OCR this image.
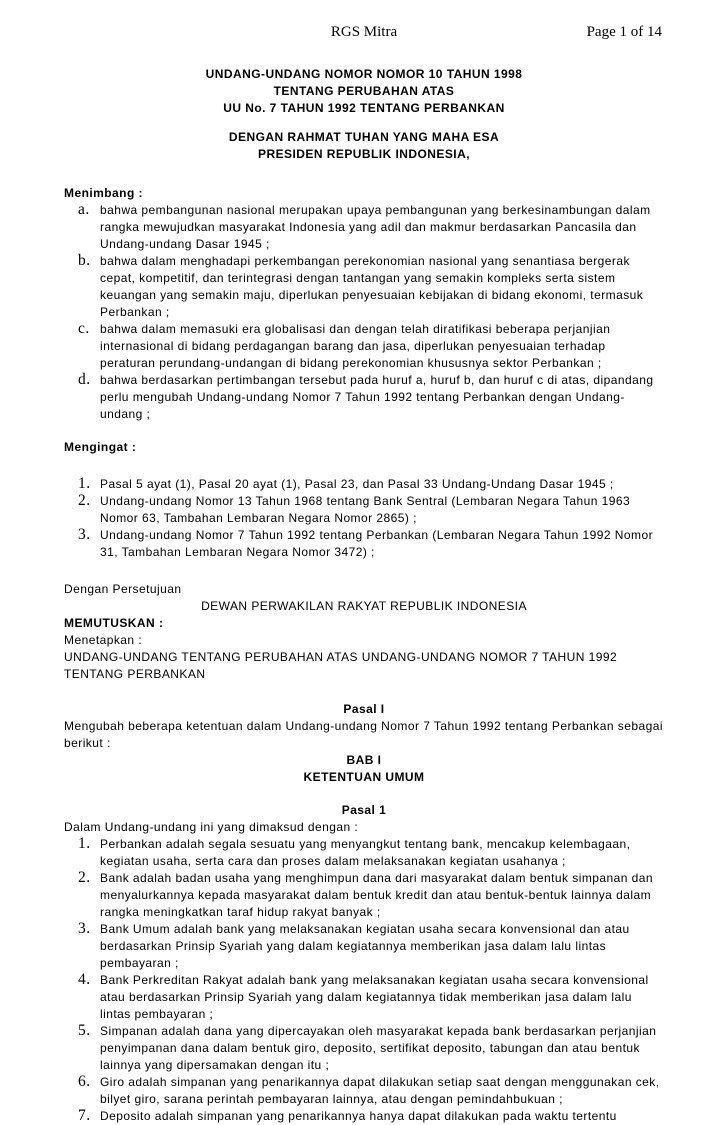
RGS Mitra	Page 1 of 14

UNDANG-UNDANG NOMOR NOMOR 10 TAHUN 1998

TENTANG PERUBAHAN ATAS

UU No. 7 TAHUN 1992 TENTANG PERBANKAN

DENGAN RAHMAT TUHAN YANG MAHA ESA

PRESIDEN REPUBLIK INDONESIA,

Menimbang :

a. bahwa pembangunan nasional merupakan upaya pembangunan yang berkesinambungan dalam rangka mewujudkan masyarakat Indonesia yang adil dan makmur berdasarkan Pancasila dan Undang-undang Dasar 1945 ;
b. bahwa dalam menghadapi perkembangan perekonomian nasional yang senantiasa bergerak cepat, kompetitif, dan terintegrasi dengan tantangan yang semakin kompleks serta sistem keuangan yang semakin maju, diperlukan penyesuaian kebijakan di bidang ekonomi, termasuk Perbankan ;
c. bahwa dalam memasuki era globalisasi dan dengan telah diratifikasi beberapa perjanjian internasional di bidang perdagangan barang dan jasa, diperlukan penyesuaian terhadap peraturan perundang-undangan di bidang perekonomian khususnya sektor Perbankan ;
d. bahwa berdasarkan pertimbangan tersebut pada huruf a, huruf b, dan huruf c di atas, dipandang perlu mengubah Undang-undang Nomor 7 Tahun 1992 tentang Perbankan dengan Undang-undang ;

Mengingat :

1. Pasal 5 ayat (1), Pasal 20 ayat (1), Pasal 23, dan Pasal 33 Undang-Undang Dasar 1945 ;
2. Undang-undang Nomor 13 Tahun 1968 tentang Bank Sentral (Lembaran Negara Tahun 1963 Nomor 63, Tambahan Lembaran Negara Nomor 2865) ;
3. Undang-undang Nomor 7 Tahun 1992 tentang Perbankan (Lembaran Negara Tahun 1992 Nomor 31, Tambahan Lembaran Negara Nomor 3472) ;

Dengan Persetujuan

DEWAN PERWAKILAN RAKYAT REPUBLIK INDONESIA

MEMUTUSKAN :

Menetapkan :

UNDANG-UNDANG TENTANG PERUBAHAN ATAS UNDANG-UNDANG NOMOR 7 TAHUN 1992 TENTANG PERBANKAN

Pasal I

Mengubah beberapa ketentuan dalam Undang-undang Nomor 7 Tahun 1992 tentang Perbankan sebagai berikut :

BAB I

KETENTUAN UMUM

Pasal 1

Dalam Undang-undang ini yang dimaksud dengan :

1. Perbankan adalah segala sesuatu yang menyangkut tentang bank, mencakup kelembagaan, kegiatan usaha, serta cara dan proses dalam melaksanakan kegiatan usahanya ;
2. Bank adalah badan usaha yang menghimpun dana dari masyarakat dalam bentuk simpanan dan menyalurkannya kepada masyarakat dalam bentuk kredit dan atau bentuk-bentuk lainnya dalam rangka meningkatkan taraf hidup rakyat banyak ;
3. Bank Umum adalah bank yang melaksanakan kegiatan usaha secara konvensional dan atau berdasarkan Prinsip Syariah yang dalam kegiatannya memberikan jasa dalam lalu lintas pembayaran ;
4. Bank Perkreditan Rakyat adalah bank yang melaksanakan kegiatan usaha secara konvensional atau berdasarkan Prinsip Syariah yang dalam kegiatannya tidak memberikan jasa dalam lalu lintas pembayaran ;
5. Simpanan adalah dana yang dipercayakan oleh masyarakat kepada bank berdasarkan perjanjian penyimpanan dana dalam bentuk giro, deposito, sertifikat deposito, tabungan dan atau bentuk lainnya yang dipersamakan dengan itu ;
6. Giro adalah simpanan yang penarikannya dapat dilakukan setiap saat dengan menggunakan cek, bilyet giro, sarana perintah pembayaran lainnya, atau dengan pemindahbukuan ;
7. Deposito adalah simpanan yang penarikannya hanya dapat dilakukan pada waktu tertentu
